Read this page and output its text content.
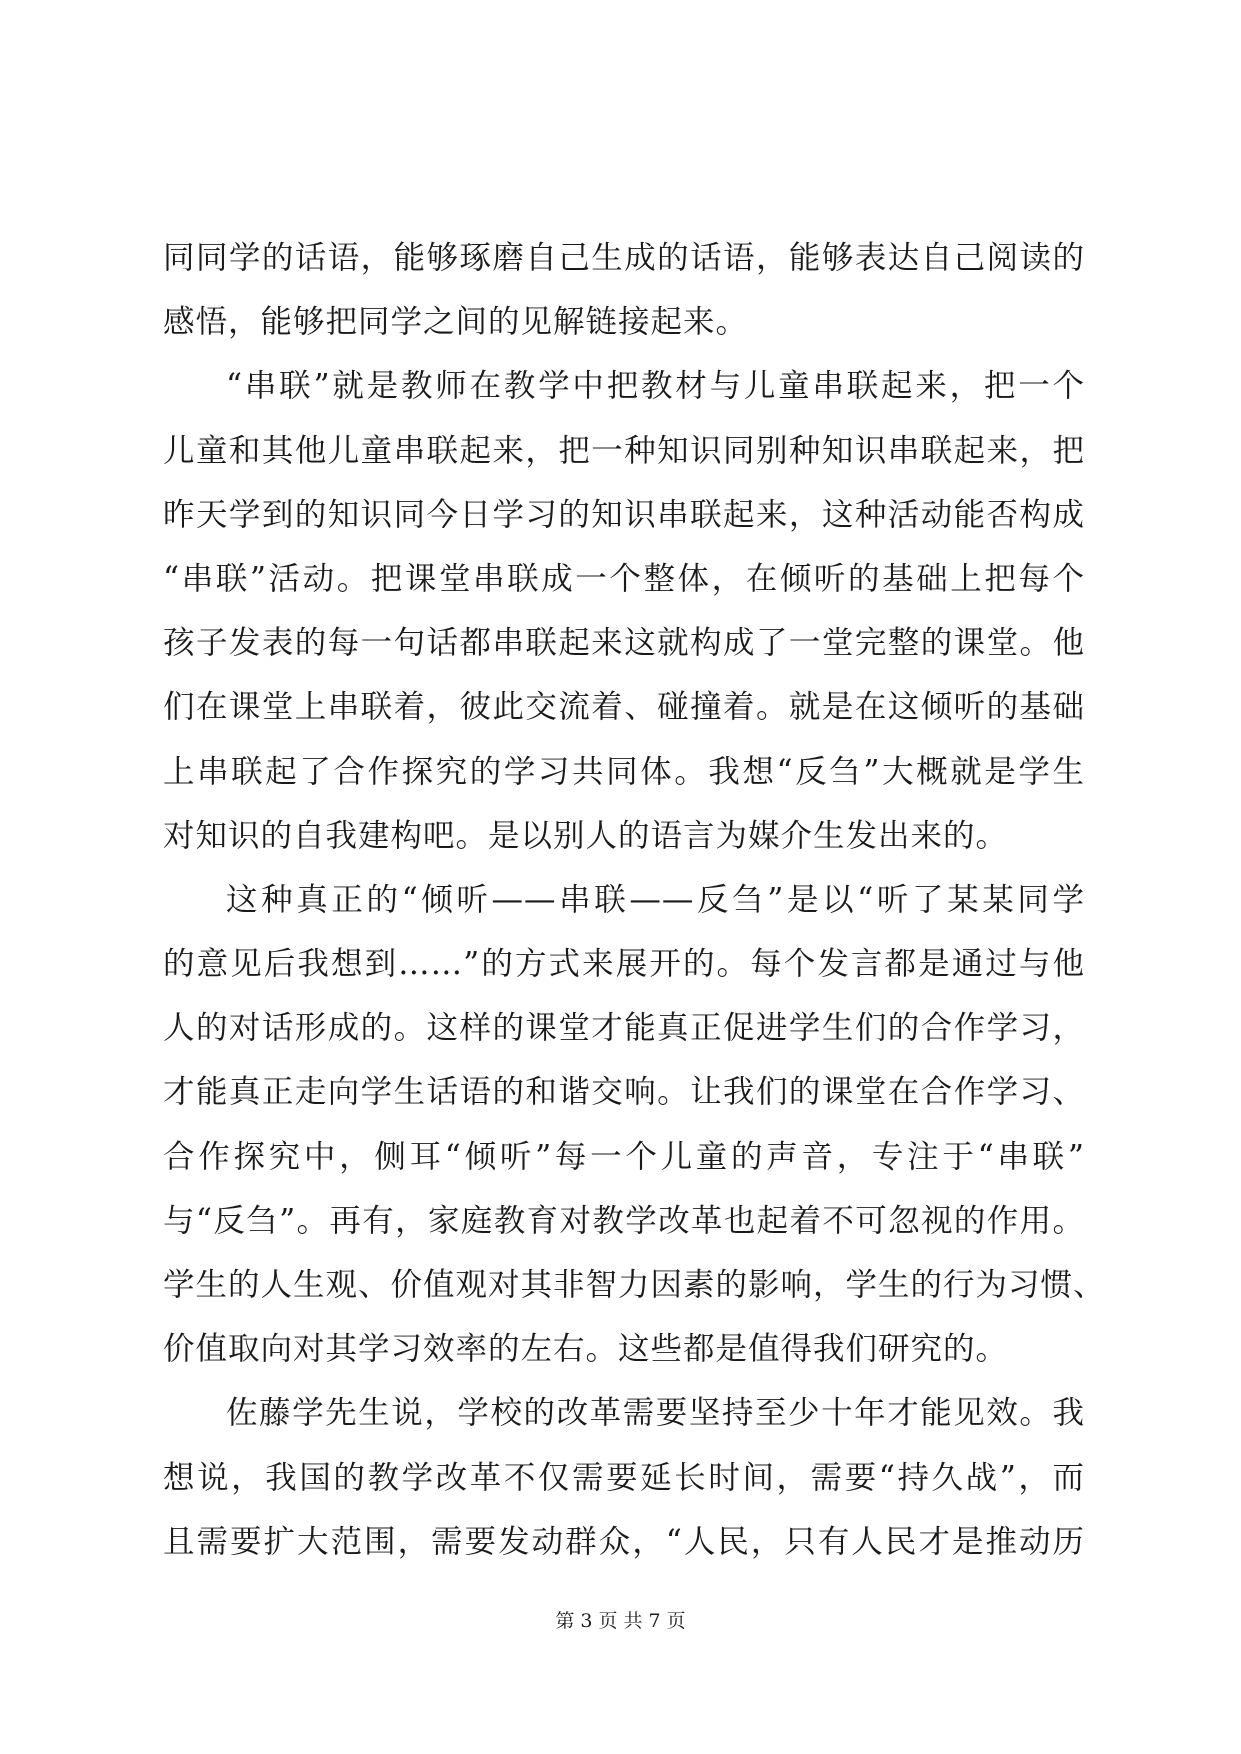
同同学的话语，能够琢磨自己生成的话语，能够表达自己阅读的
感悟，能够把同学之间的见解链接起来。
“串联”就是教师在教学中把教材与儿童串联起来，把一个
儿童和其他儿童串联起来，把一种知识同别种知识串联起来，把
昨天学到的知识同今日学习的知识串联起来，这种活动能否构成
“串联”活动。把课堂串联成一个整体，在倾听的基础上把每个
孩子发表的每一句话都串联起来这就构成了一堂完整的课堂。他
们在课堂上串联着，彼此交流着、碰撞着。就是在这倾听的基础
上串联起了合作探究的学习共同体。我想“反刍”大概就是学生
对知识的自我建构吧。是以别人的语言为媒介生发出来的。
这种真正的“倾听——串联——反刍”是以“听了某某同学
的意见后我想到……”的方式来展开的。每个发言都是通过与他
人的对话形成的。这样的课堂才能真正促进学生们的合作学习，
才能真正走向学生话语的和谐交响。让我们的课堂在合作学习、
合作探究中，侧耳“倾听”每一个儿童的声音，专注于“串联”
与“反刍”。再有，家庭教育对教学改革也起着不可忽视的作用。
学生的人生观、价值观对其非智力因素的影响，学生的行为习惯、
价值取向对其学习效率的左右。这些都是值得我们研究的。
佐藤学先生说，学校的改革需要坚持至少十年才能见效。我
想说，我国的教学改革不仅需要延长时间，需要“持久战”，而
且需要扩大范围，需要发动群众，“人民，只有人民才是推动历
第 3 页 共 7 页
